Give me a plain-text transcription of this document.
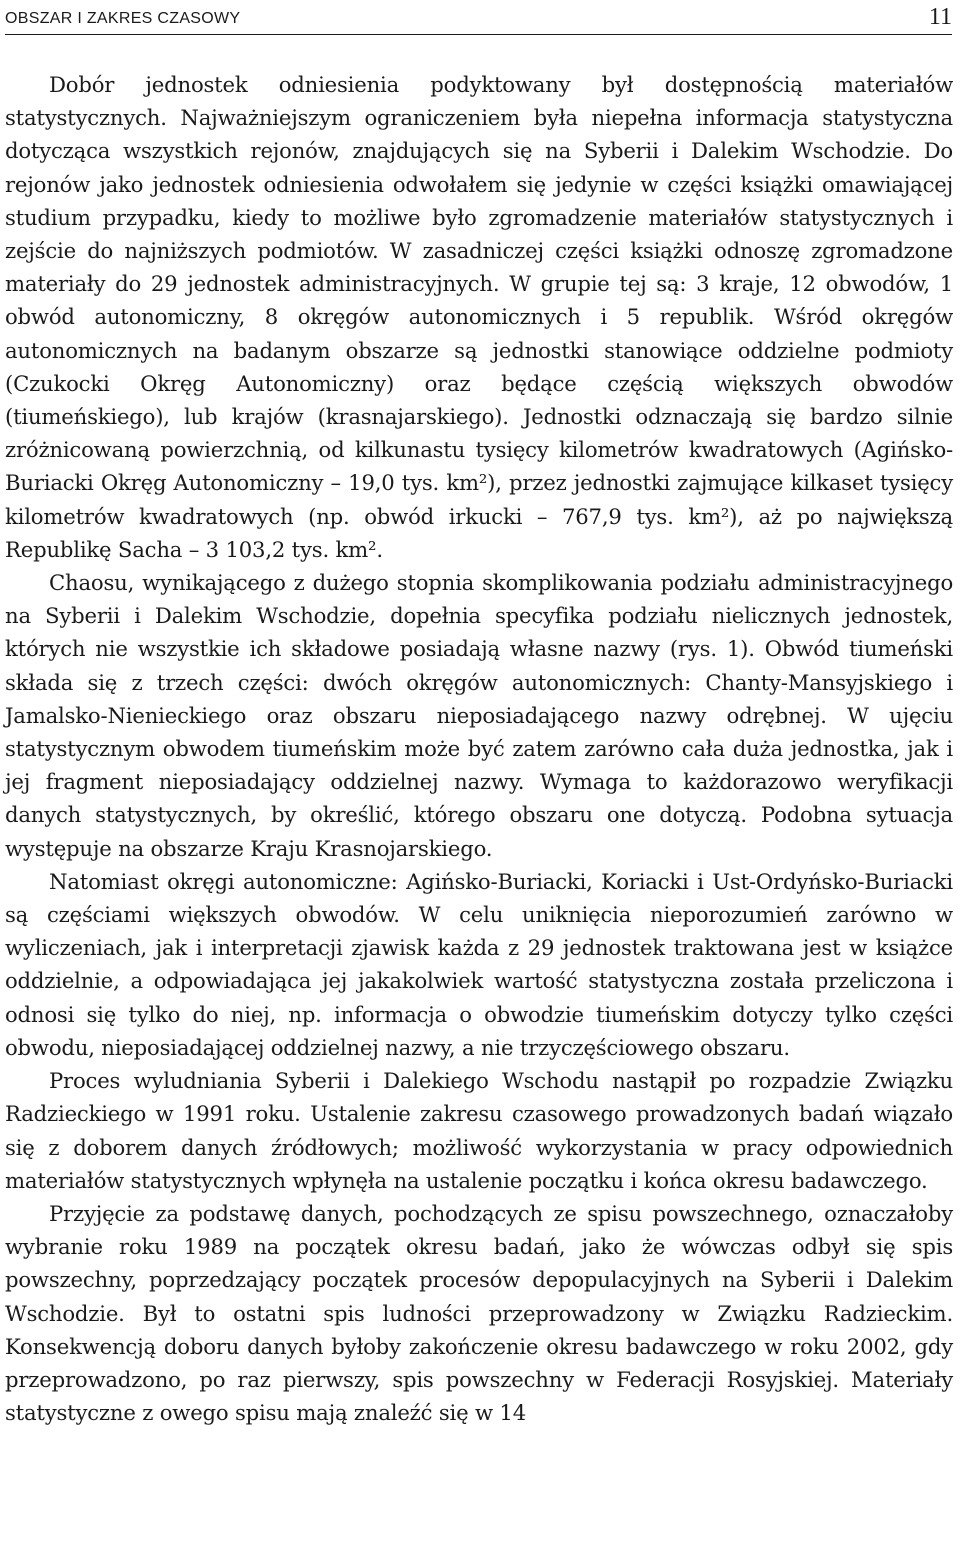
OBSZAR I ZAKRES CZASOWY	11

Dobór jednostek odniesienia podyktowany był dostępnością materiałów statystycznych. Najważniejszym ograniczeniem była niepełna informacja statystyczna dotycząca wszystkich rejonów, znajdujących się na Syberii i Dalekim Wschodzie. Do rejonów jako jednostek odniesienia odwołałem się jedynie w części książki omawiającej studium przypadku, kiedy to możliwe było zgromadzenie materiałów statystycznych i zejście do najniższych podmiotów. W zasadniczej części książki odnoszę zgromadzone materiały do 29 jednostek administracyjnych. W grupie tej są: 3 kraje, 12 obwodów, 1 obwód autonomiczny, 8 okręgów autonomicznych i 5 republik. Wśród okręgów autonomicznych na badanym obszarze są jednostki stanowiące oddzielne podmioty (Czukocki Okręg Autonomiczny) oraz będące częścią większych obwodów (tiumeńskiego), lub krajów (krasnajarskiego). Jednostki odznaczają się bardzo silnie zróżnicowaną powierzchnią, od kilkunastu tysięcy kilometrów kwadratowych (Agińsko-Buriacki Okręg Autonomiczny – 19,0 tys. km²), przez jednostki zajmujące kilkaset tysięcy kilometrów kwadratowych (np. obwód irkucki – 767,9 tys. km²), aż po największą Republikę Sacha – 3 103,2 tys. km².

Chaosu, wynikającego z dużego stopnia skomplikowania podziału administracyjnego na Syberii i Dalekim Wschodzie, dopełnia specyfika podziału nielicznych jednostek, których nie wszystkie ich składowe posiadają własne nazwy (rys. 1). Obwód tiumeński składa się z trzech części: dwóch okręgów autonomicznych: Chanty-Mansyjskiego i Jamalsko-Nienieckiego oraz obszaru nieposiadającego nazwy odrębnej. W ujęciu statystycznym obwodem tiumeńskim może być zatem zarówno cała duża jednostka, jak i jej fragment nieposiadający oddzielnej nazwy. Wymaga to każdorazowo weryfikacji danych statystycznych, by określić, którego obszaru one dotyczą. Podobna sytuacja występuje na obszarze Kraju Krasnojarskiego.

Natomiast okręgi autonomiczne: Agińsko-Buriacki, Koriacki i Ust-Ordyńsko-Buriacki są częściami większych obwodów. W celu uniknięcia nieporozumień zarówno w wyliczeniach, jak i interpretacji zjawisk każda z 29 jednostek traktowana jest w książce oddzielnie, a odpowiadająca jej jakakolwiek wartość statystyczna została przeliczona i odnosi się tylko do niej, np. informacja o obwodzie tiumeńskim dotyczy tylko części obwodu, nieposiadającej oddzielnej nazwy, a nie trzyczęściowego obszaru.

Proces wyludniania Syberii i Dalekiego Wschodu nastąpił po rozpadzie Związku Radzieckiego w 1991 roku. Ustalenie zakresu czasowego prowadzonych badań wiązało się z doborem danych źródłowych; możliwość wykorzystania w pracy odpowiednich materiałów statystycznych wpłynęła na ustalenie początku i końca okresu badawczego.

Przyjęcie za podstawę danych, pochodzących ze spisu powszechnego, oznaczałoby wybranie roku 1989 na początek okresu badań, jako że wówczas odbył się spis powszechny, poprzedzający początek procesów depopulacyjnych na Syberii i Dalekim Wschodzie. Był to ostatni spis ludności przeprowadzony w Związku Radzieckim. Konsekwencją doboru danych byłoby zakończenie okresu badawczego w roku 2002, gdy przeprowadzono, po raz pierwszy, spis powszechny w Federacji Rosyjskiej. Materiały statystyczne z owego spisu mają znaleźć się w 14
